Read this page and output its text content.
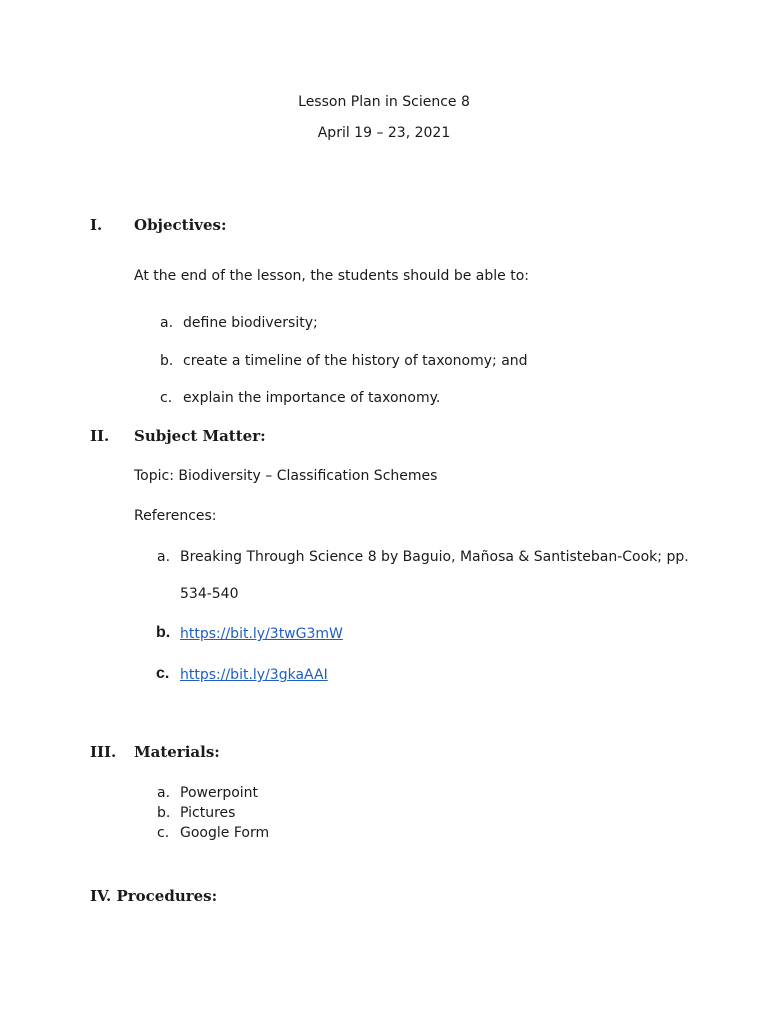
Lesson Plan in Science 8
April 19 – 23, 2021
I. Objectives:
At the end of the lesson, the students should be able to:
a. define biodiversity;
b. create a timeline of the history of taxonomy; and
c. explain the importance of taxonomy.
II. Subject Matter:
Topic: Biodiversity – Classification Schemes
References:
a. Breaking Through Science 8 by Baguio, Mañosa & Santisteban-Cook; pp.
534-540
b. https://bit.ly/3twG3mW
c. https://bit.ly/3gkaAAI
III. Materials:
a. Powerpoint
b. Pictures
c. Google Form
IV. Procedures:
